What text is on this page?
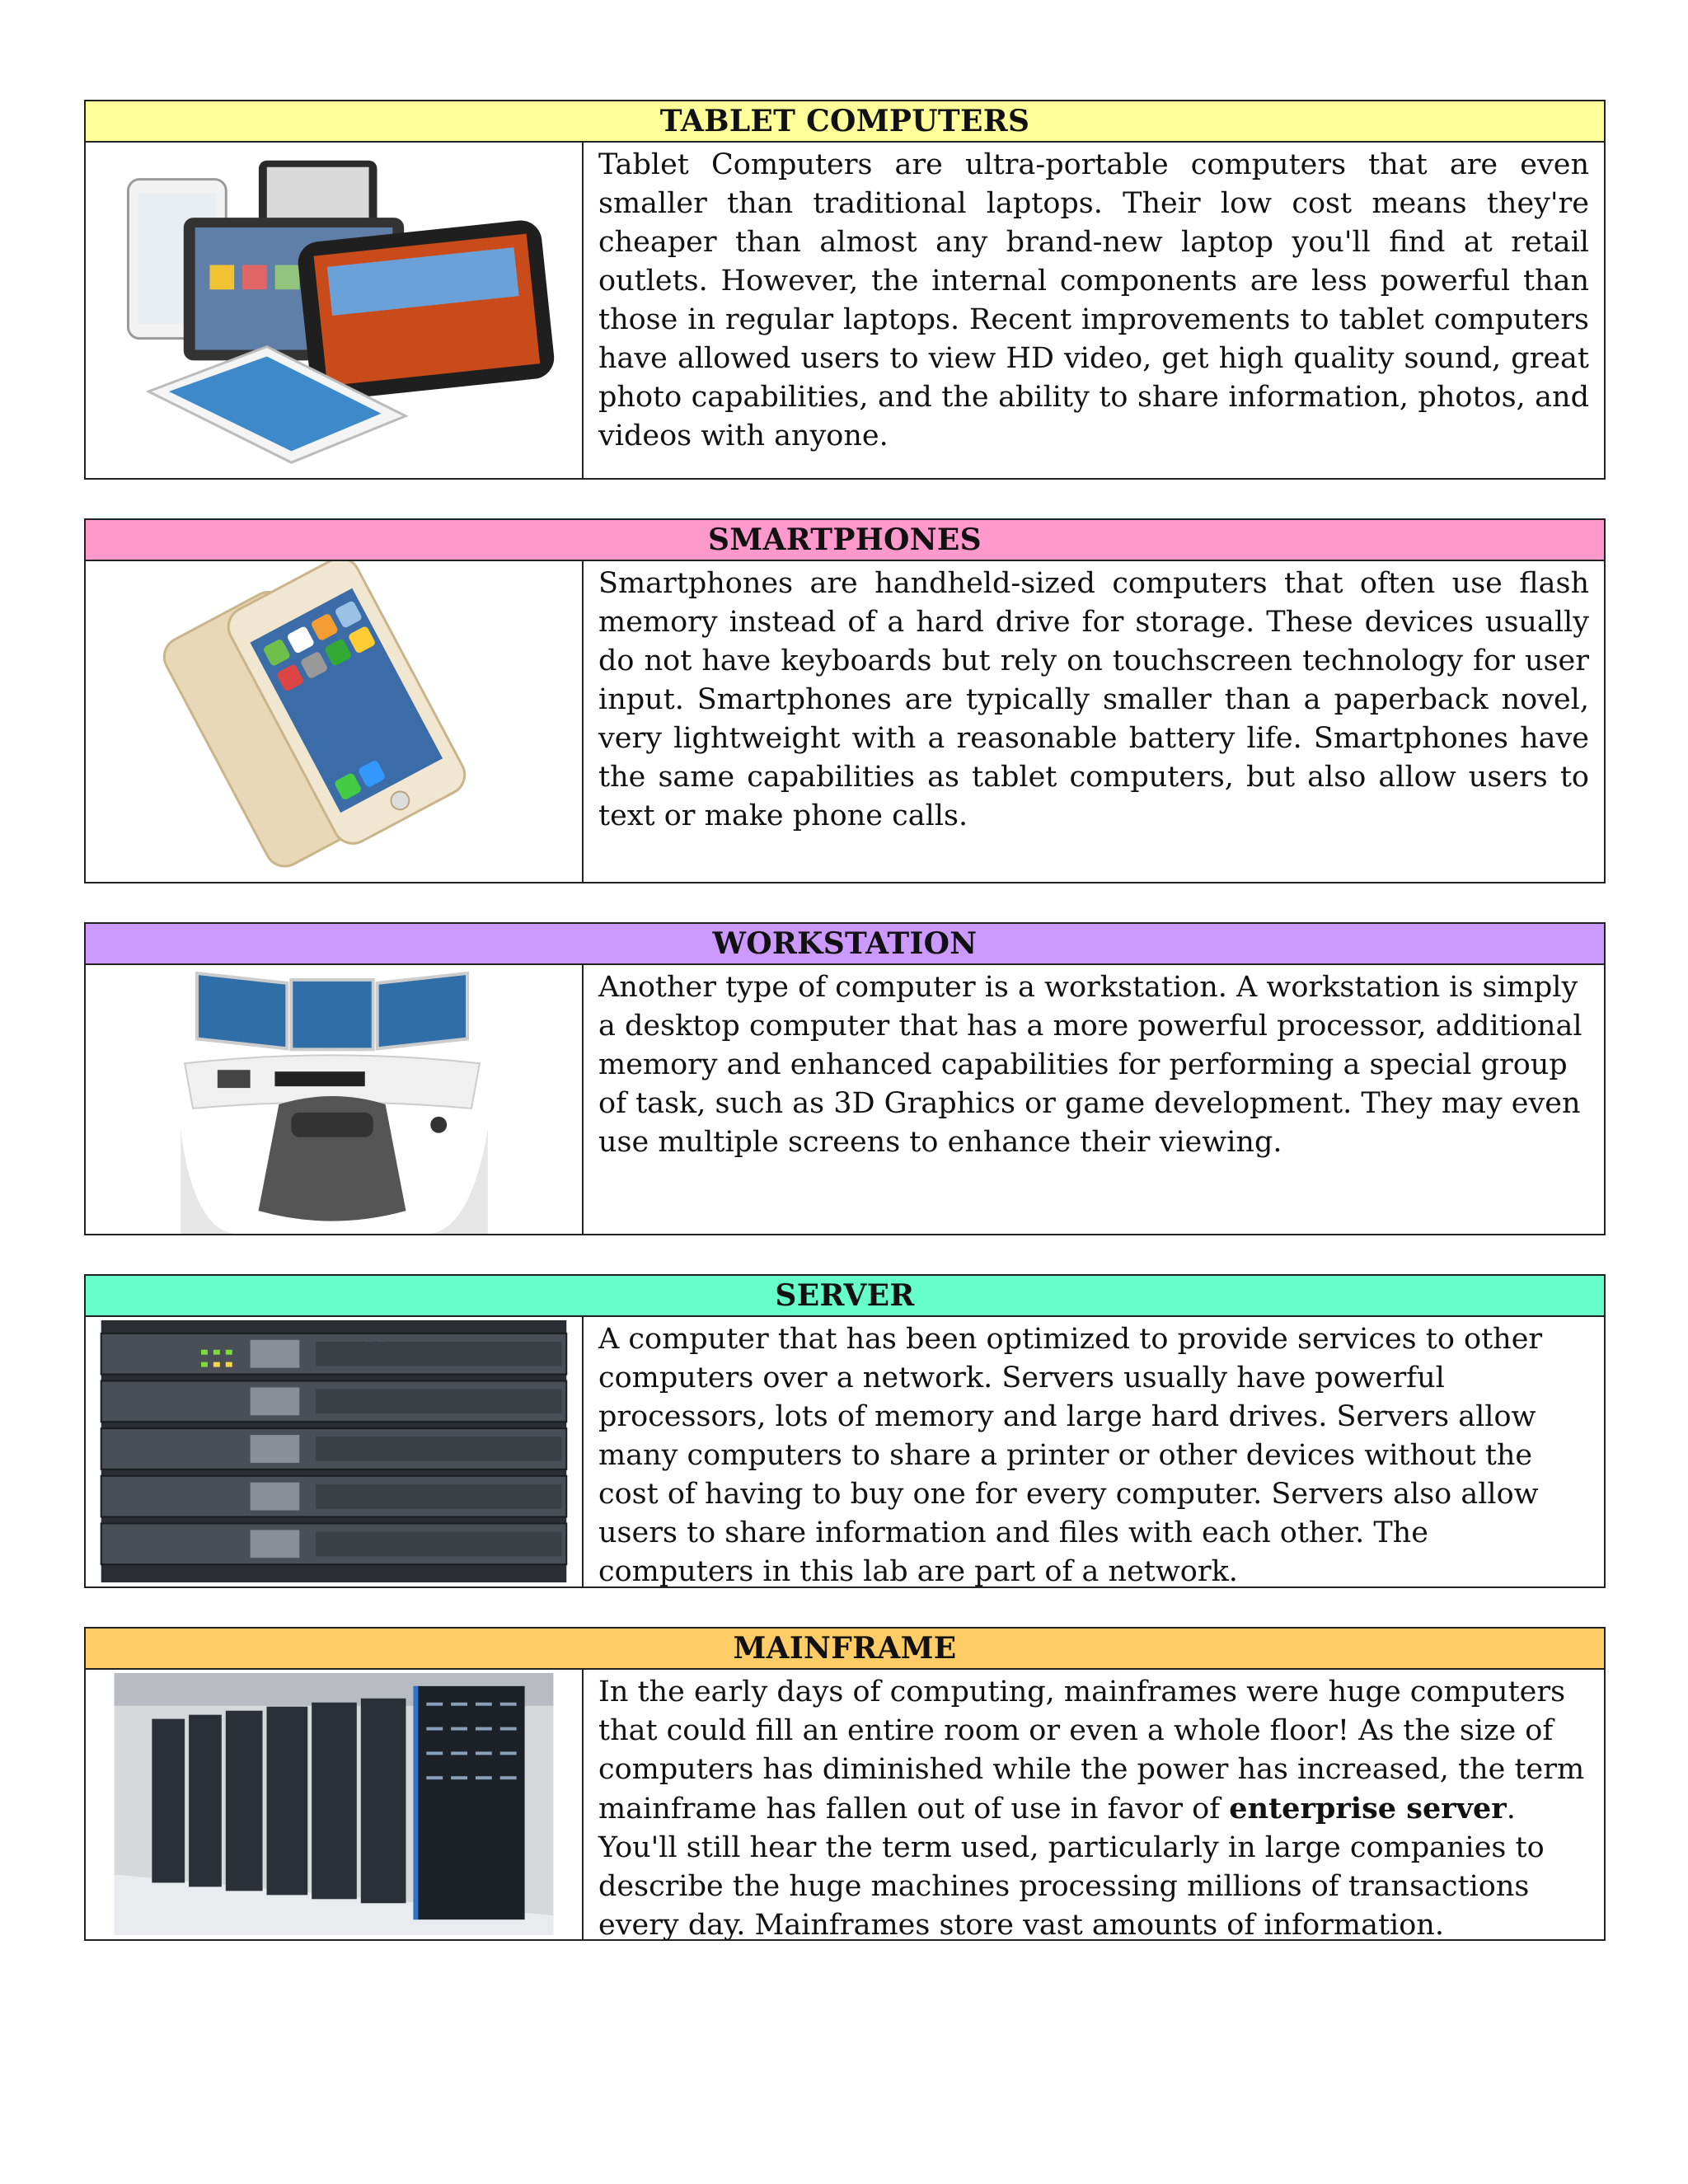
TABLET COMPUTERS
Tablet Computers are ultra-portable computers that are even smaller than traditional laptops. Their low cost means they're cheaper than almost any brand-new laptop you'll find at retail outlets. However, the internal components are less powerful than those in regular laptops. Recent improvements to tablet computers have allowed users to view HD video, get high quality sound, great photo capabilities, and the ability to share information, photos, and videos with anyone.
SMARTPHONES
Smartphones are handheld-sized computers that often use flash memory instead of a hard drive for storage. These devices usually do not have keyboards but rely on touchscreen technology for user input. Smartphones are typically smaller than a paperback novel, very lightweight with a reasonable battery life. Smartphones have the same capabilities as tablet computers, but also allow users to text or make phone calls.
WORKSTATION
Another type of computer is a workstation. A workstation is simply a desktop computer that has a more powerful processor, additional memory and enhanced capabilities for performing a special group of task, such as 3D Graphics or game development. They may even use multiple screens to enhance their viewing.
SERVER
A computer that has been optimized to provide services to other computers over a network. Servers usually have powerful processors, lots of memory and large hard drives. Servers allow many computers to share a printer or other devices without the cost of having to buy one for every computer. Servers also allow users to share information and files with each other. The computers in this lab are part of a network.
MAINFRAME
In the early days of computing, mainframes were huge computers that could fill an entire room or even a whole floor! As the size of computers has diminished while the power has increased, the term mainframe has fallen out of use in favor of enterprise server. You'll still hear the term used, particularly in large companies to describe the huge machines processing millions of transactions every day. Mainframes store vast amounts of information.
